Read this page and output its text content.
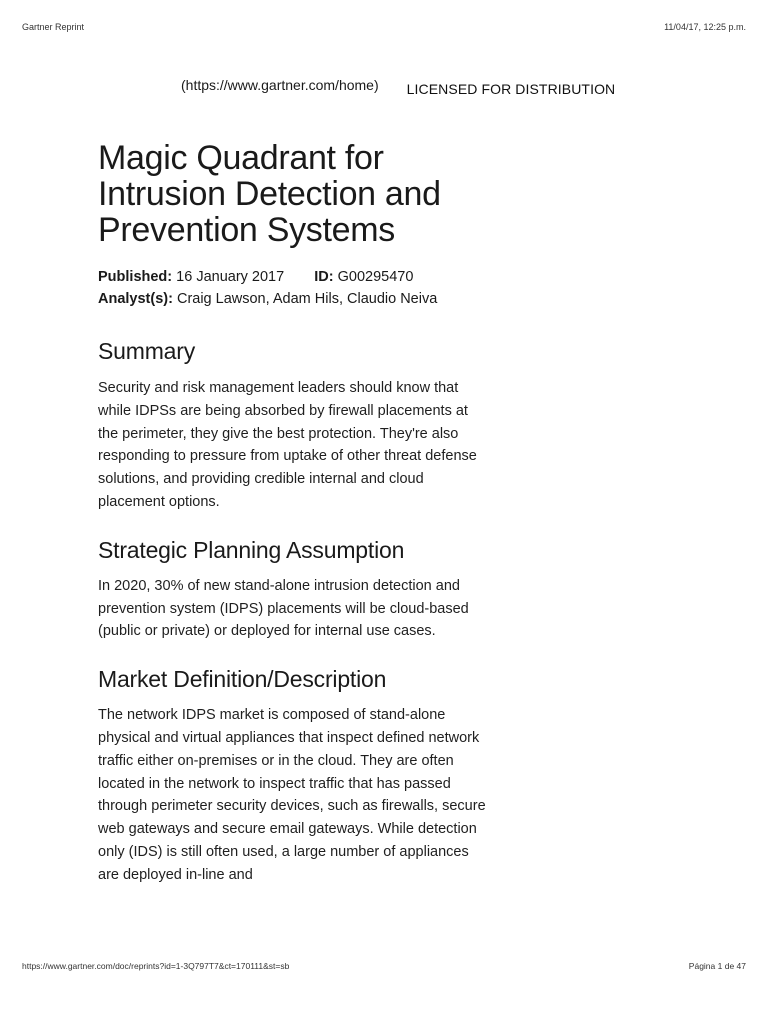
Gartner Reprint	11/04/17, 12:25 p.m.
(https://www.gartner.com/home) LICENSED FOR DISTRIBUTION
Magic Quadrant for Intrusion Detection and Prevention Systems
Published: 16 January 2017 ID: G00295470
Analyst(s): Craig Lawson, Adam Hils, Claudio Neiva
Summary

Security and risk management leaders should know that while IDPSs are being absorbed by firewall placements at the perimeter, they give the best protection. They're also responding to pressure from uptake of other threat defense solutions, and providing credible internal and cloud placement options.

Strategic Planning Assumption

In 2020, 30% of new stand-alone intrusion detection and prevention system (IDPS) placements will be cloud-based (public or private) or deployed for internal use cases.

Market Definition/Description

The network IDPS market is composed of stand-alone physical and virtual appliances that inspect defined network traffic either on-premises or in the cloud. They are often located in the network to inspect traffic that has passed through perimeter security devices, such as firewalls, secure web gateways and secure email gateways. While detection only (IDS) is still often used, a large number of appliances are deployed in-line and

https://www.gartner.com/doc/reprints?id=1-3Q797T7&ct=170111&st=sb	Página 1 de 47
